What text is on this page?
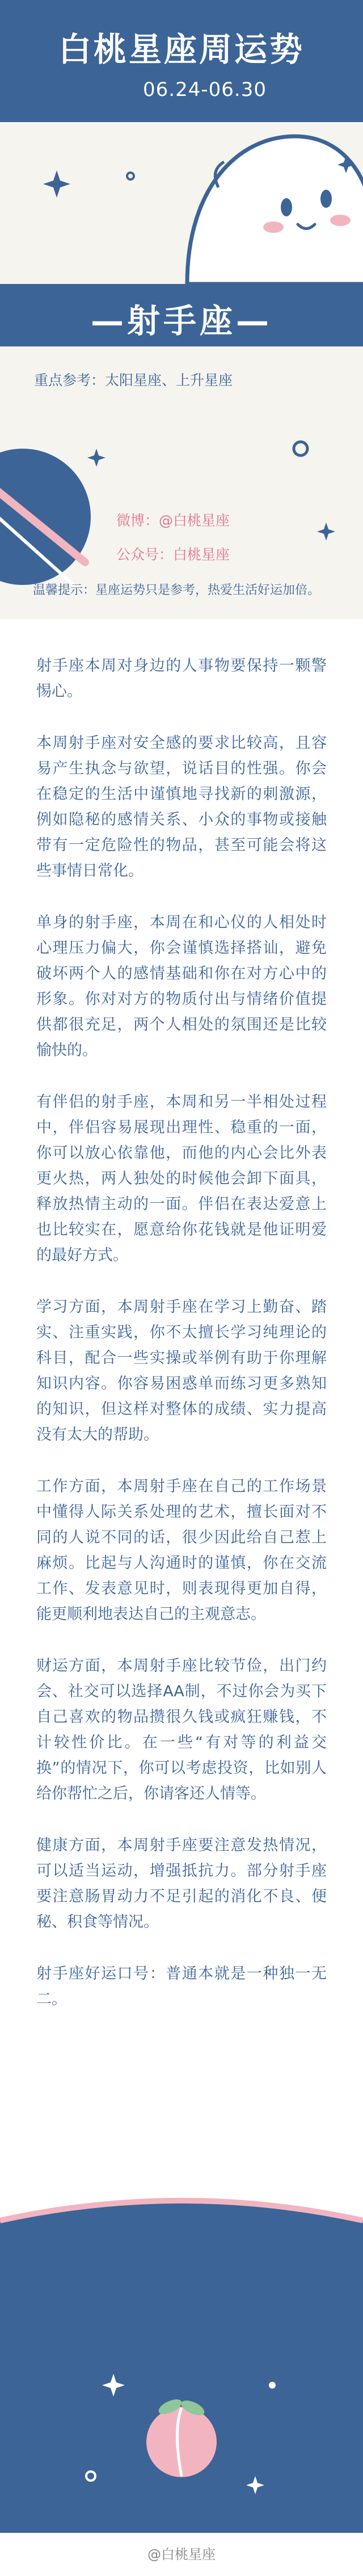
白桃星座周运势
06.24-06.30
—射手座—
重点参考：太阳星座、上升星座
微博：@白桃星座
公众号：白桃星座
温馨提示：星座运势只是参考，热爱生活好运加倍。

射手座本周对身边的人事物要保持一颗警惕心。

本周射手座对安全感的要求比较高，且容易产生执念与欲望，说话目的性强。你会在稳定的生活中谨慎地寻找新的刺激源，例如隐秘的感情关系、小众的事物或接触带有一定危险性的物品，甚至可能会将这些事情日常化。

单身的射手座，本周在和心仪的人相处时心理压力偏大，你会谨慎选择搭讪，避免破坏两个人的感情基础和你在对方心中的形象。你对对方的物质付出与情绪价值提供都很充足，两个人相处的氛围还是比较愉快的。

有伴侣的射手座，本周和另一半相处过程中，伴侣容易展现出理性、稳重的一面，你可以放心依靠他，而他的内心会比外表更火热，两人独处的时候他会卸下面具，释放热情主动的一面。伴侣在表达爱意上也比较实在，愿意给你花钱就是他证明爱的最好方式。

学习方面，本周射手座在学习上勤奋、踏实、注重实践，你不太擅长学习纯理论的科目，配合一些实操或举例有助于你理解知识内容。你容易困惑单而练习更多熟知的知识，但这样对整体的成绩、实力提高没有太大的帮助。

工作方面，本周射手座在自己的工作场景中懂得人际关系处理的艺术，擅长面对不同的人说不同的话，很少因此给自己惹上麻烦。比起与人沟通时的谨慎，你在交流工作、发表意见时，则表现得更加自得，能更顺利地表达自己的主观意志。

财运方面，本周射手座比较节俭，出门约会、社交可以选择AA制，不过你会为买下自己喜欢的物品攒很久钱或疯狂赚钱，不计较性价比。在一些“有对等的利益交换”的情况下，你可以考虑投资，比如别人给你帮忙之后，你请客还人情等。

健康方面，本周射手座要注意发热情况，可以适当运动，增强抵抗力。部分射手座要注意肠胃动力不足引起的消化不良、便秘、积食等情况。

射手座好运口号：普通本就是一种独一无二。

@白桃星座
